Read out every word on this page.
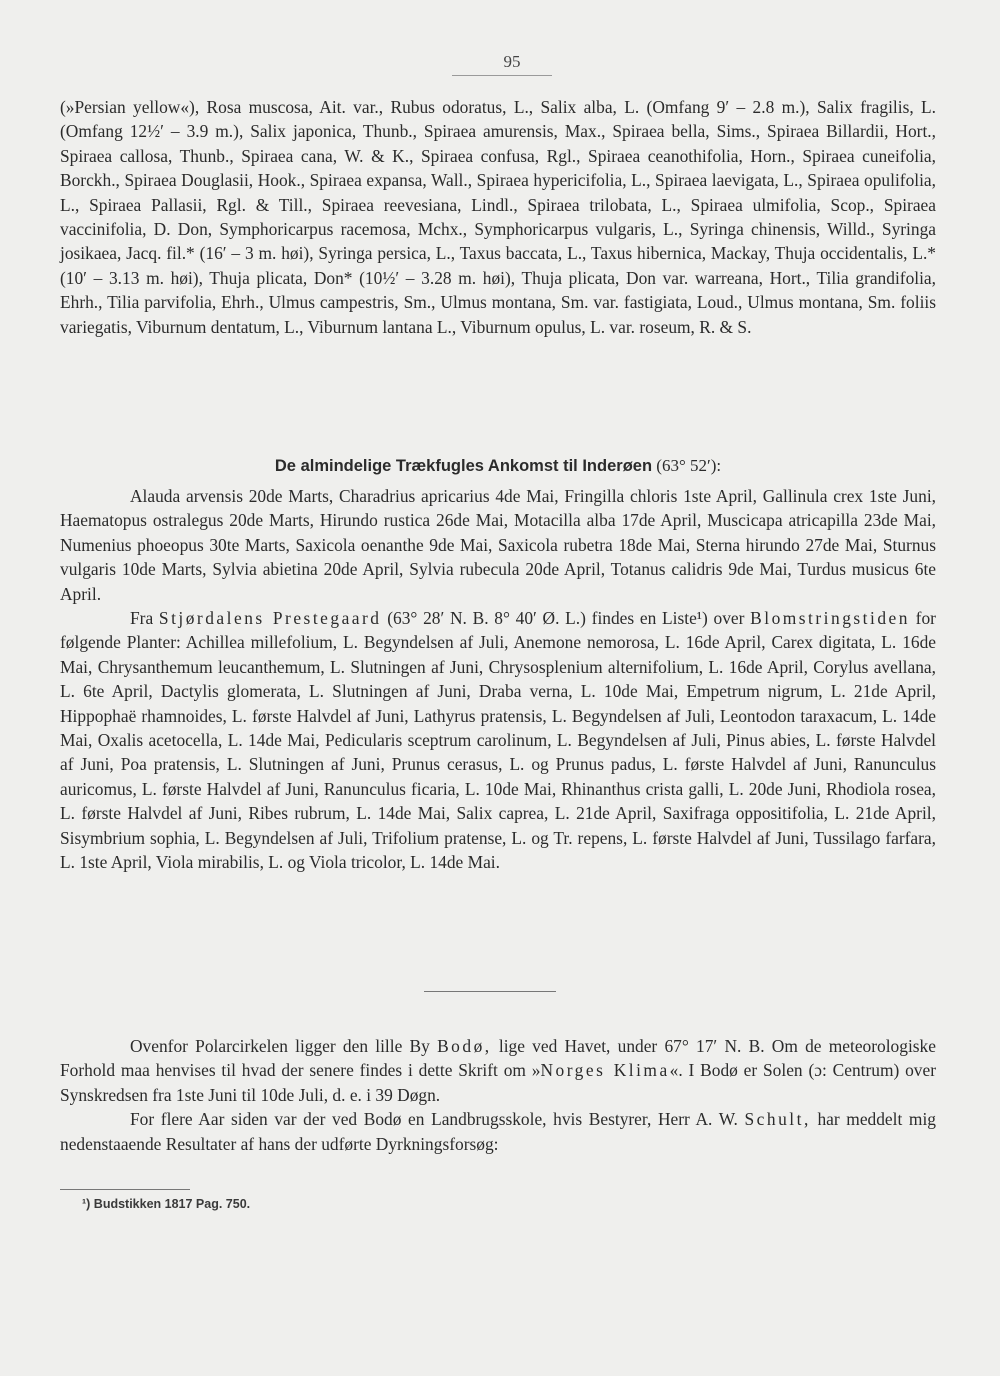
95

(»Persian yellow«), Rosa muscosa, Ait. var., Rubus odoratus, L., Salix alba, L. (Omfang 9′ – 2.8 m.), Salix fragilis, L. (Omfang 12½′ – 3.9 m.), Salix japonica, Thunb., Spiraea amurensis, Max., Spiraea bella, Sims., Spiraea Billardii, Hort., Spiraea callosa, Thunb., Spiraea cana, W. & K., Spiraea confusa, Rgl., Spiraea ceanothifolia, Horn., Spiraea cuneifolia, Borckh., Spiraea Douglasii, Hook., Spiraea expansa, Wall., Spiraea hypericifolia, L., Spiraea laevigata, L., Spiraea opulifolia, L., Spiraea Pallasii, Rgl. & Till., Spiraea reevesiana, Lindl., Spiraea trilobata, L., Spiraea ulmifolia, Scop., Spiraea vaccinifolia, D. Don, Symphoricarpus racemosa, Mchx., Symphoricarpus vulgaris, L., Syringa chinensis, Willd., Syringa josikaea, Jacq. fil.* (16′ – 3 m. høi), Syringa persica, L., Taxus baccata, L., Taxus hibernica, Mackay, Thuja occidentalis, L.* (10′ – 3.13 m. høi), Thuja plicata, Don* (10½′ – 3.28 m. høi), Thuja plicata, Don var. warreana, Hort., Tilia grandifolia, Ehrh., Tilia parvifolia, Ehrh., Ulmus campestris, Sm., Ulmus montana, Sm. var. fastigiata, Loud., Ulmus montana, Sm. foliis variegatis, Viburnum dentatum, L., Viburnum lantana L., Viburnum opulus, L. var. roseum, R. & S.

De almindelige Trækfugles Ankomst til Inderøen (63° 52′):

Alauda arvensis 20de Marts, Charadrius apricarius 4de Mai, Fringilla chloris 1ste April, Gallinula crex 1ste Juni, Haematopus ostralegus 20de Marts, Hirundo rustica 26de Mai, Motacilla alba 17de April, Muscicapa atricapilla 23de Mai, Numenius phoeopus 30te Marts, Saxicola oenanthe 9de Mai, Saxicola rubetra 18de Mai, Sterna hirundo 27de Mai, Sturnus vulgaris 10de Marts, Sylvia abietina 20de April, Sylvia rubecula 20de April, Totanus calidris 9de Mai, Turdus musicus 6te April.

Fra Stjørdalens Prestegaard (63° 28′ N. B. 8° 40′ Ø. L.) findes en Liste¹) over Blomstringstiden for følgende Planter: Achillea millefolium, L. Begyndelsen af Juli, Anemone nemorosa, L. 16de April, Carex digitata, L. 16de Mai, Chrysanthemum leucanthemum, L. Slutningen af Juni, Chrysosplenium alternifolium, L. 16de April, Corylus avellana, L. 6te April, Dactylis glomerata, L. Slutningen af Juni, Draba verna, L. 10de Mai, Empetrum nigrum, L. 21de April, Hippophaë rhamnoides, L. første Halvdel af Juni, Lathyrus pratensis, L. Begyndelsen af Juli, Leontodon taraxacum, L. 14de Mai, Oxalis acetocella, L. 14de Mai, Pedicularis sceptrum carolinum, L. Begyndelsen af Juli, Pinus abies, L. første Halvdel af Juni, Poa pratensis, L. Slutningen af Juni, Prunus cerasus, L. og Prunus padus, L. første Halvdel af Juni, Ranunculus auricomus, L. første Halvdel af Juni, Ranunculus ficaria, L. 10de Mai, Rhinanthus crista galli, L. 20de Juni, Rhodiola rosea, L. første Halvdel af Juni, Ribes rubrum, L. 14de Mai, Salix caprea, L. 21de April, Saxifraga oppositifolia, L. 21de April, Sisymbrium sophia, L. Begyndelsen af Juli, Trifolium pratense, L. og Tr. repens, L. første Halvdel af Juni, Tussilago farfara, L. 1ste April, Viola mirabilis, L. og Viola tricolor, L. 14de Mai.

Ovenfor Polarcirkelen ligger den lille By Bodø, lige ved Havet, under 67° 17′ N. B. Om de meteorologiske Forhold maa henvises til hvad der senere findes i dette Skrift om »Norges Klima«. I Bodø er Solen (ɔ: Centrum) over Synskredsen fra 1ste Juni til 10de Juli, d. e. i 39 Døgn.

For flere Aar siden var der ved Bodø en Landbrugsskole, hvis Bestyrer, Herr A. W. Schult, har meddelt mig nedenstaaende Resultater af hans der udførte Dyrkningsforsøg:

¹) Budstikken 1817 Pag. 750.
